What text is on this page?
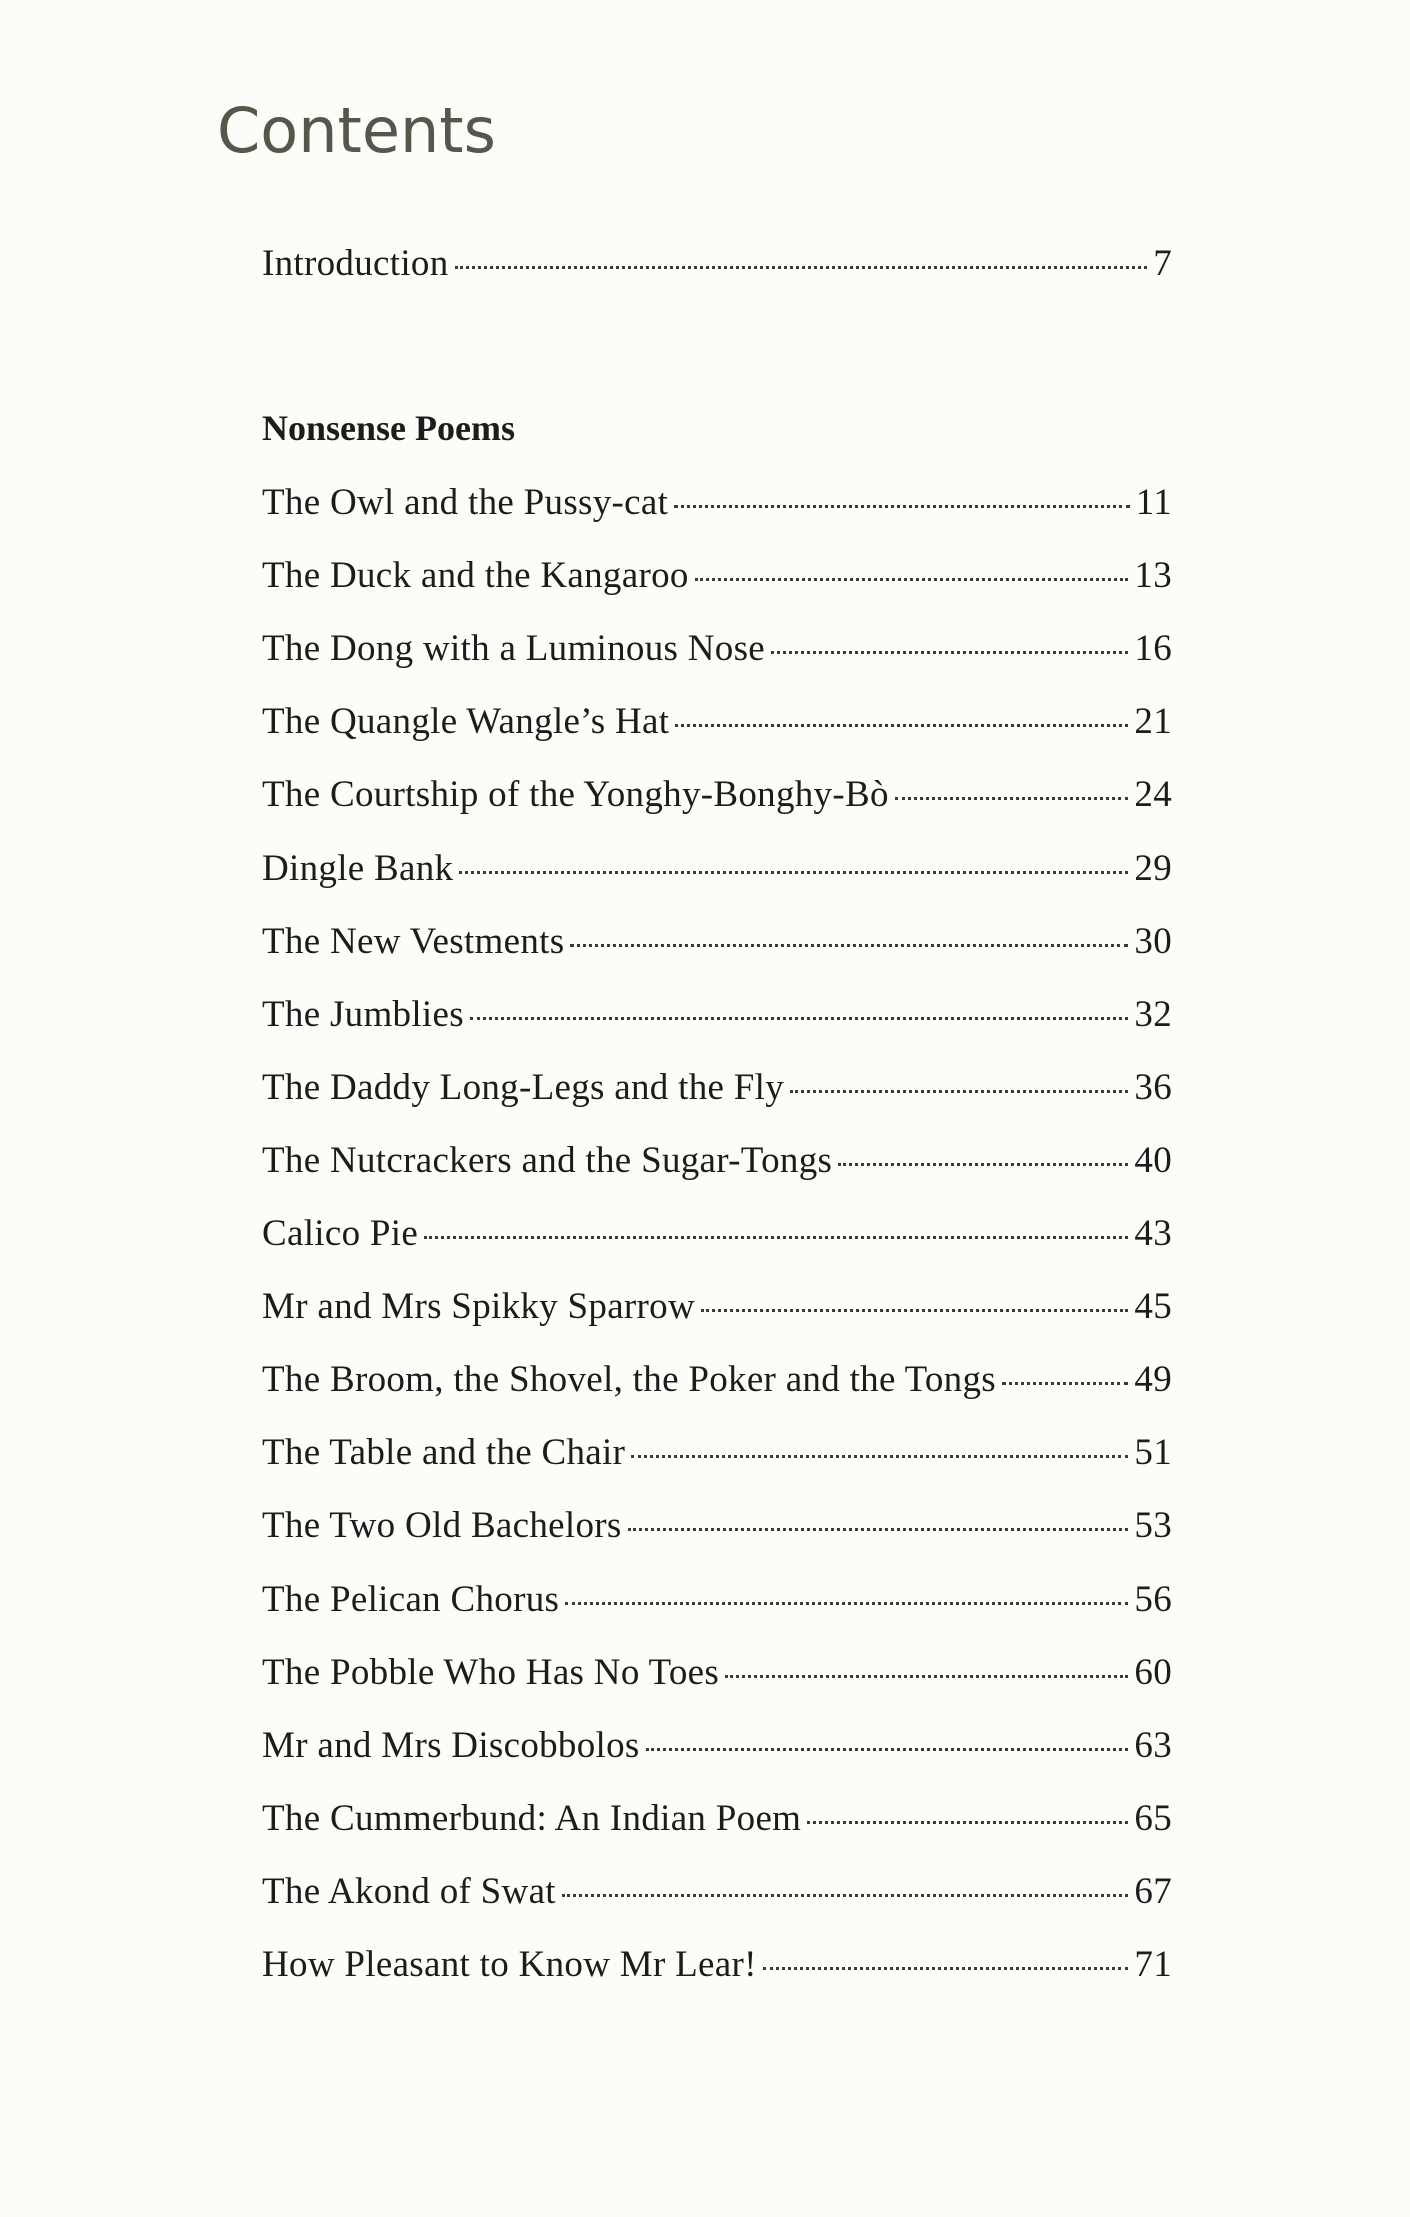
Contents
Introduction	7
Nonsense Poems
The Owl and the Pussy-cat	11
The Duck and the Kangaroo	13
The Dong with a Luminous Nose	16
The Quangle Wangle’s Hat	21
The Courtship of the Yonghy-Bonghy-Bò	24
Dingle Bank	29
The New Vestments	30
The Jumblies	32
The Daddy Long-Legs and the Fly	36
The Nutcrackers and the Sugar-Tongs	40
Calico Pie	43
Mr and Mrs Spikky Sparrow	45
The Broom, the Shovel, the Poker and the Tongs	49
The Table and the Chair	51
The Two Old Bachelors	53
The Pelican Chorus	56
The Pobble Who Has No Toes	60
Mr and Mrs Discobbolos	63
The Cummerbund: An Indian Poem	65
The Akond of Swat	67
How Pleasant to Know Mr Lear!	71
